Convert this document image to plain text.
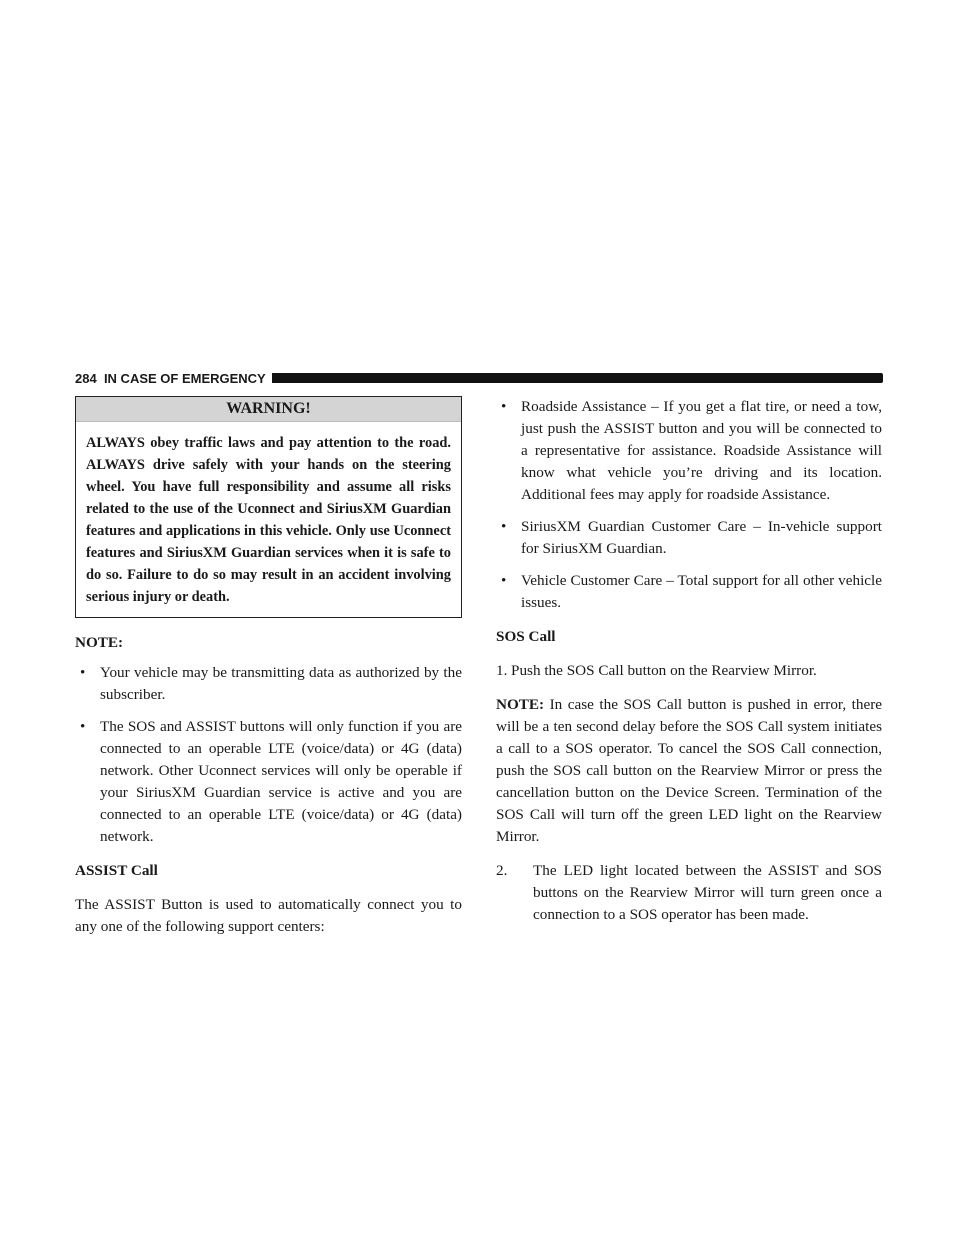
284 IN CASE OF EMERGENCY
WARNING!
ALWAYS obey traffic laws and pay attention to the road. ALWAYS drive safely with your hands on the steering wheel. You have full responsibility and assume all risks related to the use of the Uconnect and SiriusXM Guardian features and applications in this vehicle. Only use Uconnect features and SiriusXM Guardian services when it is safe to do so. Failure to do so may result in an accident involving serious injury or death.
NOTE:
• Your vehicle may be transmitting data as authorized by the subscriber.
• The SOS and ASSIST buttons will only function if you are connected to an operable LTE (voice/data) or 4G (data) network. Other Uconnect services will only be operable if your SiriusXM Guardian service is active and you are connected to an operable LTE (voice/data) or 4G (data) network.
ASSIST Call

The ASSIST Button is used to automatically connect you to any one of the following support centers:

• Roadside Assistance – If you get a flat tire, or need a tow, just push the ASSIST button and you will be connected to a representative for assistance. Roadside Assistance will know what vehicle you’re driving and its location. Additional fees may apply for roadside Assistance.
• SiriusXM Guardian Customer Care – In-vehicle support for SiriusXM Guardian.
• Vehicle Customer Care – Total support for all other vehicle issues.
SOS Call
1. Push the SOS Call button on the Rearview Mirror.

NOTE: In case the SOS Call button is pushed in error, there will be a ten second delay before the SOS Call system initiates a call to a SOS operator. To cancel the SOS Call connection, push the SOS call button on the Rearview Mirror or press the cancellation button on the Device Screen. Termination of the SOS Call will turn off the green LED light on the Rearview Mirror.

2. The LED light located between the ASSIST and SOS buttons on the Rearview Mirror will turn green once a connection to a SOS operator has been made.
